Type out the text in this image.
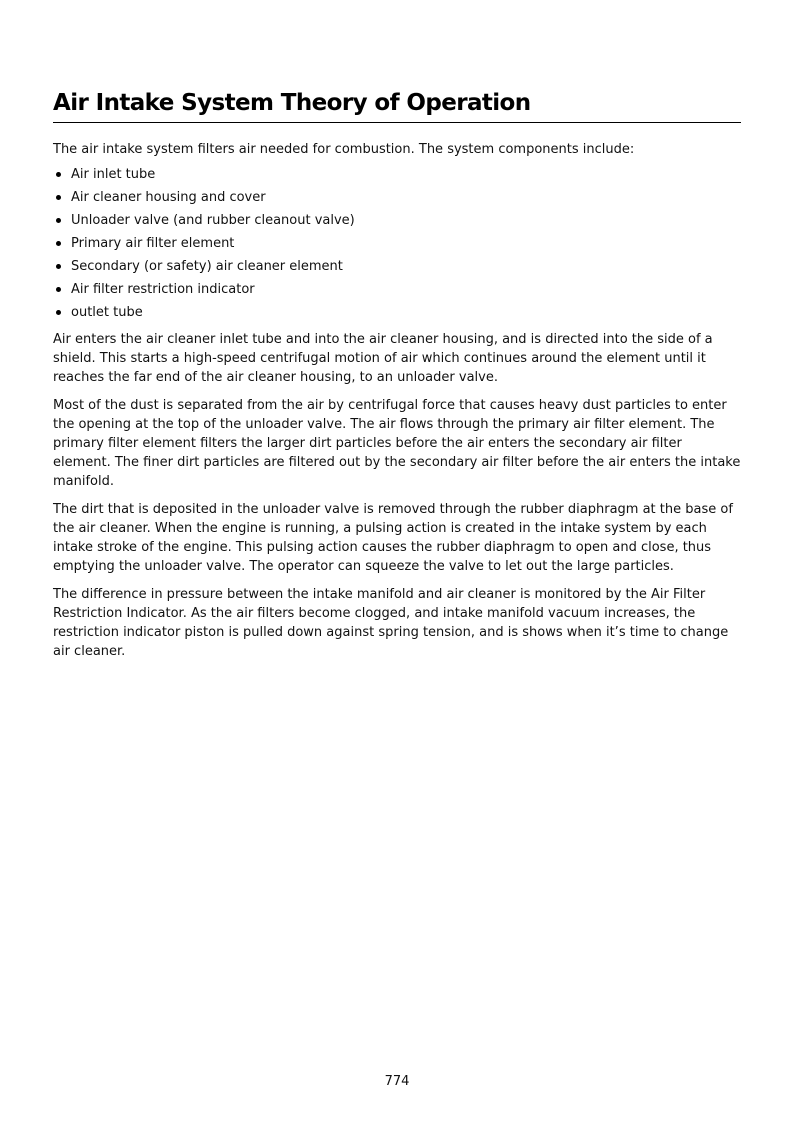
Air Intake System Theory of Operation

The air intake system filters air needed for combustion. The system components include:

Air inlet tube
Air cleaner housing and cover
Unloader valve (and rubber cleanout valve)
Primary air filter element
Secondary (or safety) air cleaner element
Air filter restriction indicator
outlet tube

Air enters the air cleaner inlet tube and into the air cleaner housing, and is directed into the side of a shield. This starts a high-speed centrifugal motion of air which continues around the element until it reaches the far end of the air cleaner housing, to an unloader valve.

Most of the dust is separated from the air by centrifugal force that causes heavy dust particles to enter the opening at the top of the unloader valve. The air flows through the primary air filter element. The primary filter element filters the larger dirt particles before the air enters the secondary air filter element. The finer dirt particles are filtered out by the secondary air filter before the air enters the intake manifold.

The dirt that is deposited in the unloader valve is removed through the rubber diaphragm at the base of the air cleaner. When the engine is running, a pulsing action is created in the intake system by each intake stroke of the engine. This pulsing action causes the rubber diaphragm to open and close, thus emptying the unloader valve. The operator can squeeze the valve to let out the large particles.

The difference in pressure between the intake manifold and air cleaner is monitored by the Air Filter Restriction Indicator. As the air filters become clogged, and intake manifold vacuum increases, the restriction indicator piston is pulled down against spring tension, and is shows when it’s time to change air cleaner.

774
